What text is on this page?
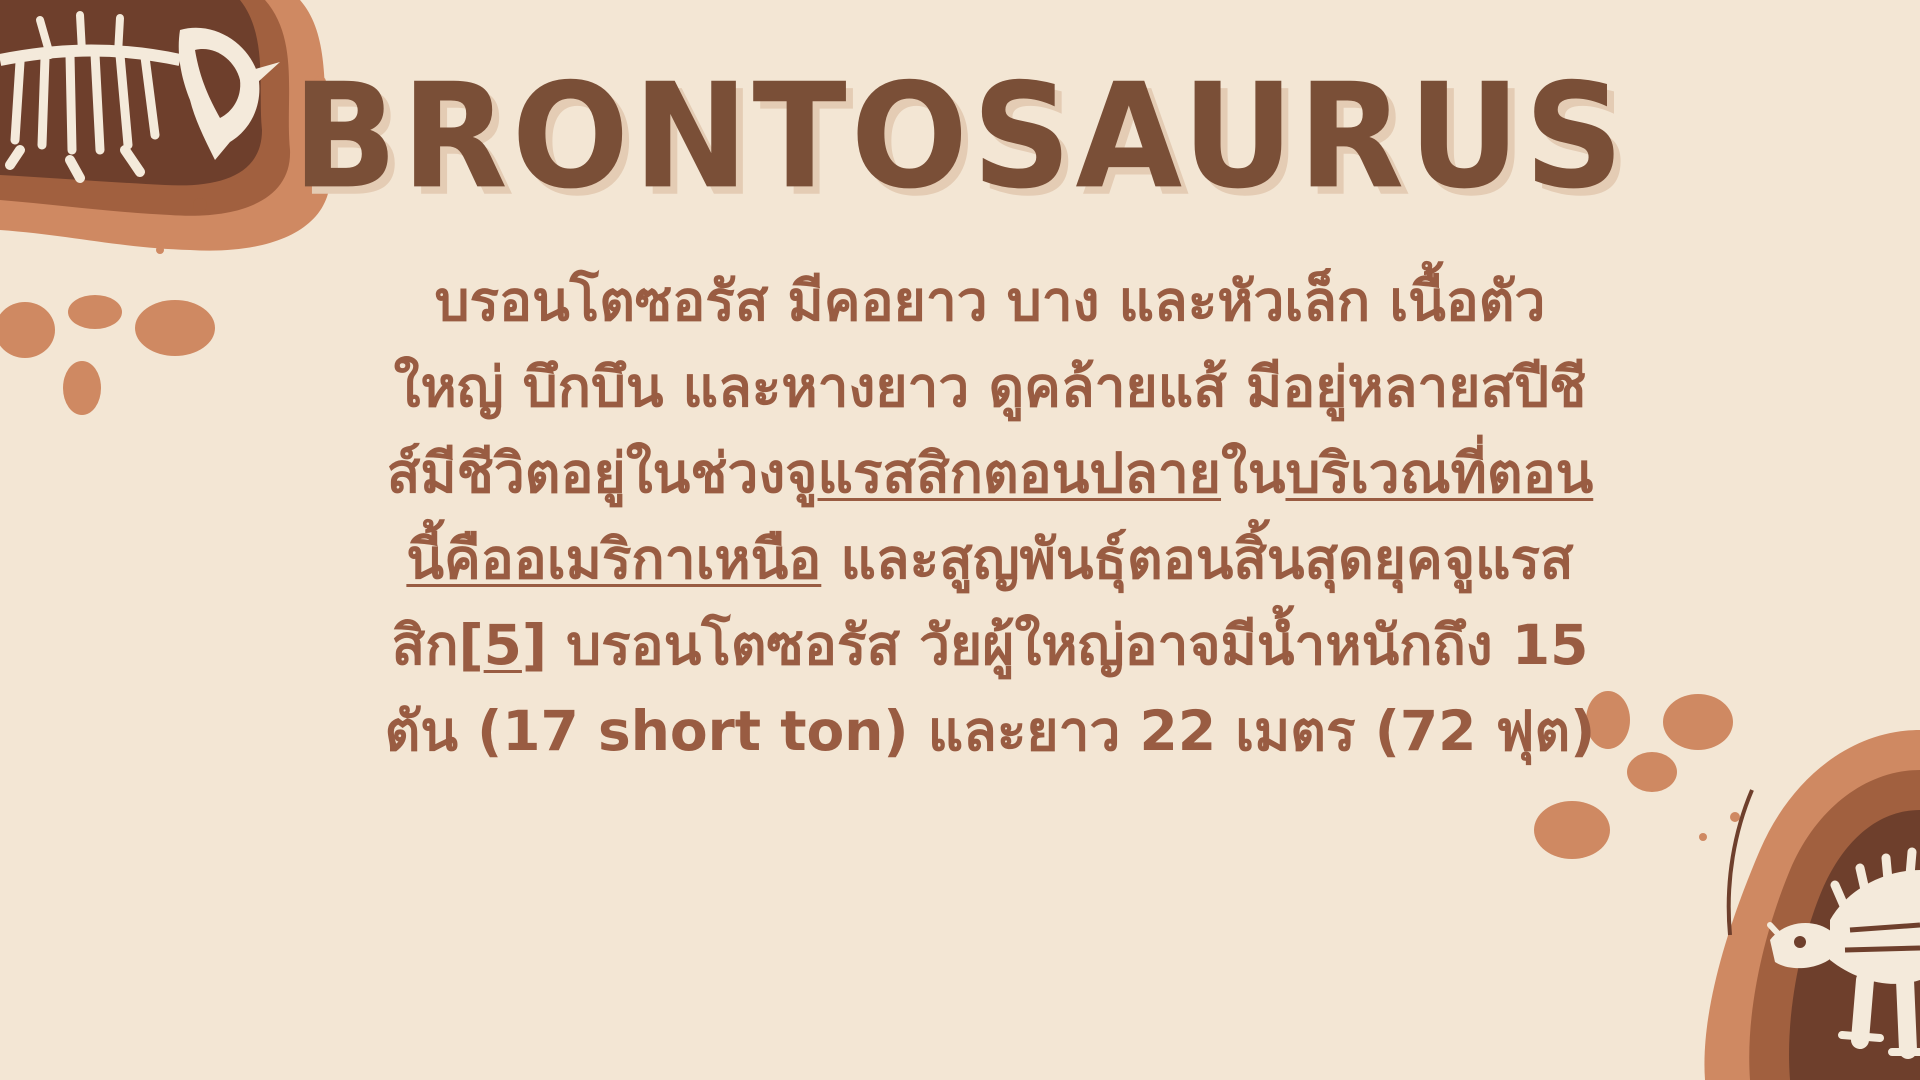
BRONTOSAURUS

บรอนโตซอรัส มีคอยาว บาง และหัวเล็ก เนื้อตัวใหญ่ บึกบึน และหางยาว ดูคล้ายแส้ มีอยู่หลายสปีชีส์มีชีวิตอยู่ในช่วงจูแรสสิกตอนปลายในบริเวณที่ตอนนี้คืออเมริกาเหนือ และสูญพันธุ์ตอนสิ้นสุดยุคจูแรสสิก[5] บรอนโตซอรัส วัยผู้ใหญ่อาจมีน้ำหนักถึง 15 ตัน (17 short ton) และยาว 22 เมตร (72 ฟุต)
